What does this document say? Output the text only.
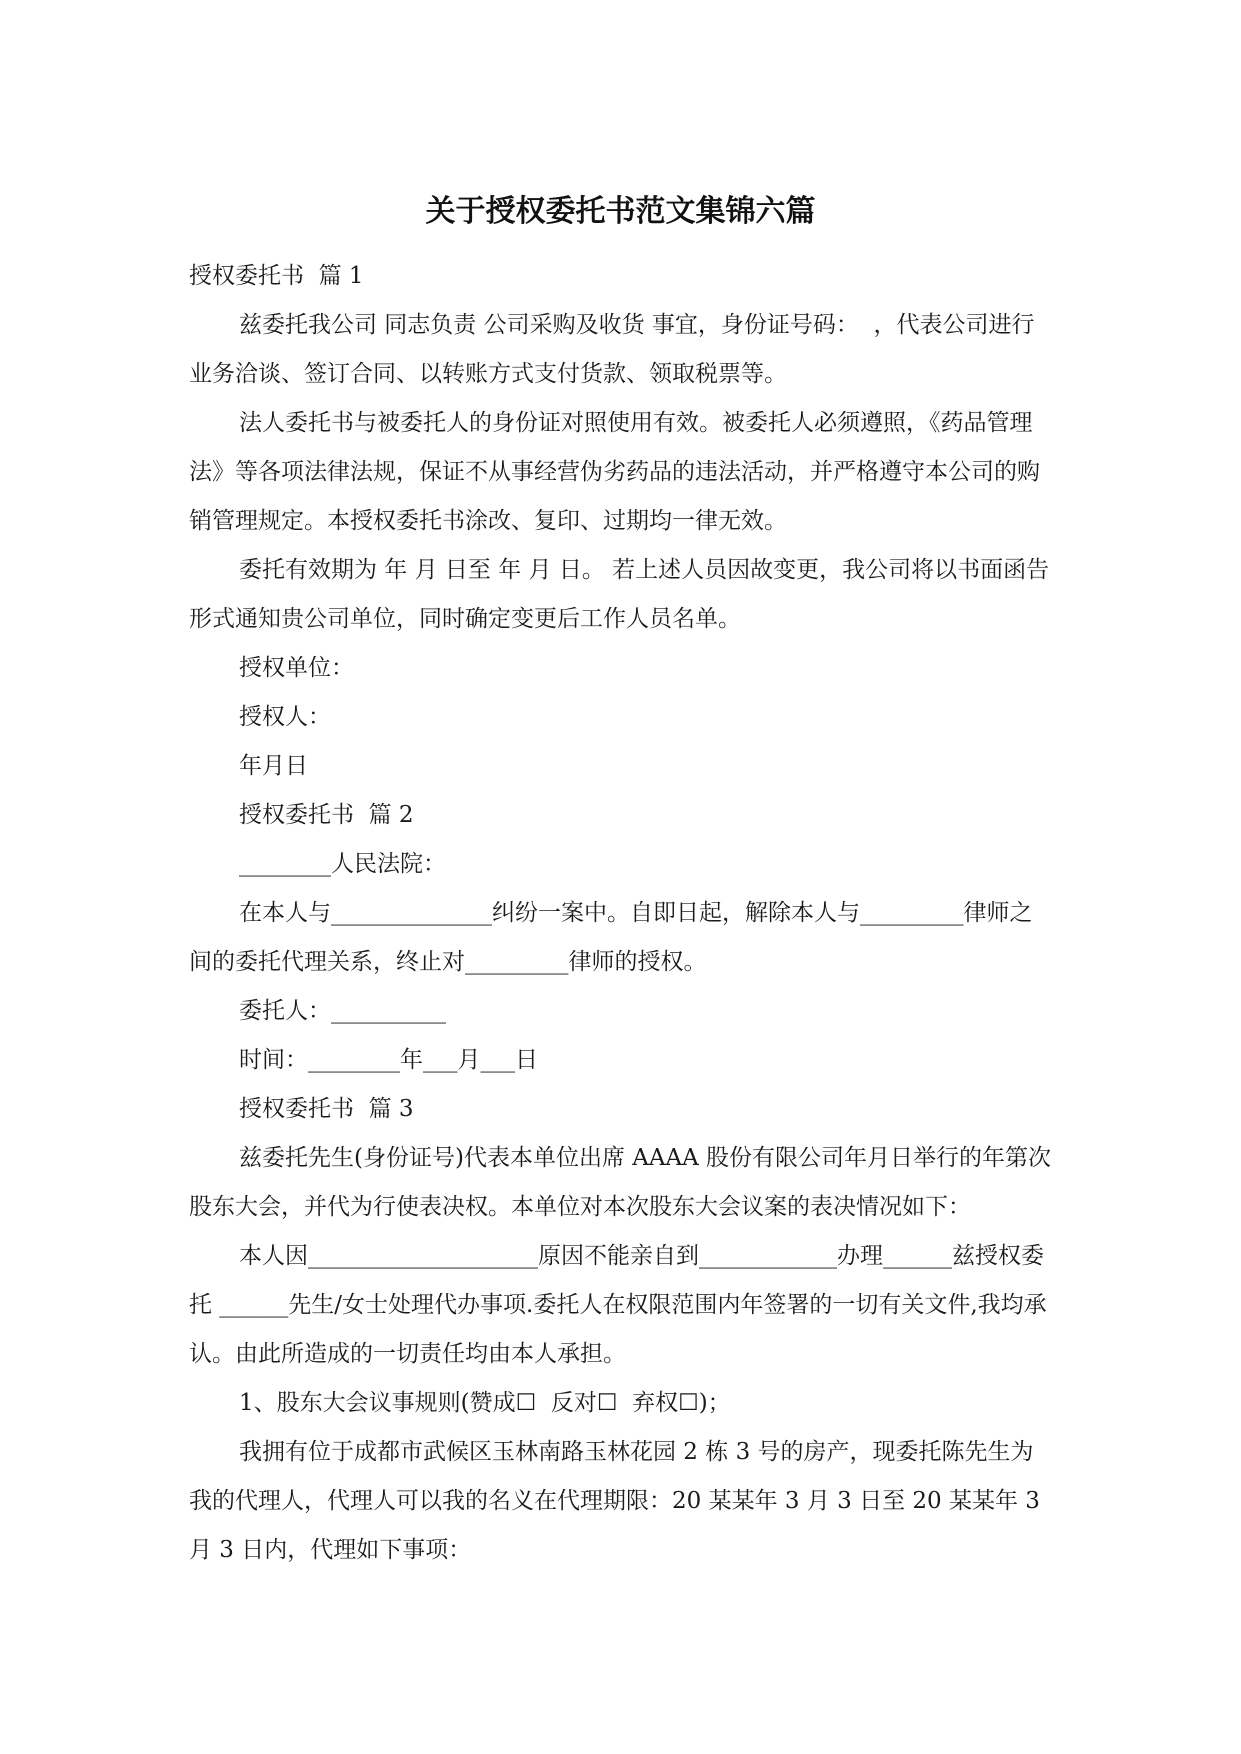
关于授权委托书范文集锦六篇

授权委托书  篇 1

兹委托我公司 同志负责 公司采购及收货 事宜，身份证号码：  ，代表公司进行业务洽谈、签订合同、以转账方式支付货款、领取税票等。

法人委托书与被委托人的身份证对照使用有效。被委托人必须遵照，《药品管理法》等各项法律法规，保证不从事经营伪劣药品的违法活动，并严格遵守本公司的购销管理规定。本授权委托书涂改、复印、过期均一律无效。

委托有效期为 年 月 日至 年 月 日。 若上述人员因故变更，我公司将以书面函告形式通知贵公司单位，同时确定变更后工作人员名单。

授权单位：

授权人：

年月日

授权委托书  篇 2

________人民法院：

在本人与______________纠纷一案中。自即日起，解除本人与_________律师之间的委托代理关系，终止对_________律师的授权。

委托人：__________

时间：________年___月___日

授权委托书  篇 3

兹委托先生(身份证号)代表本单位出席 AAAA 股份有限公司年月日举行的年第次股东大会，并代为行使表决权。本单位对本次股东大会议案的表决情况如下：

本人因____________________原因不能亲自到____________办理______兹授权委托 ______先生/女士处理代办事项.委托人在权限范围内年签署的一切有关文件,我均承认。由此所造成的一切责任均由本人承担。

1、股东大会议事规则(赞成☐  反对☐  弃权☐)；

我拥有位于成都市武候区玉林南路玉林花园 2 栋 3 号的房产，现委托陈先生为我的代理人，代理人可以我的名义在代理期限：20 某某年 3 月 3 日至 20 某某年 3 月 3 日内，代理如下事项：
